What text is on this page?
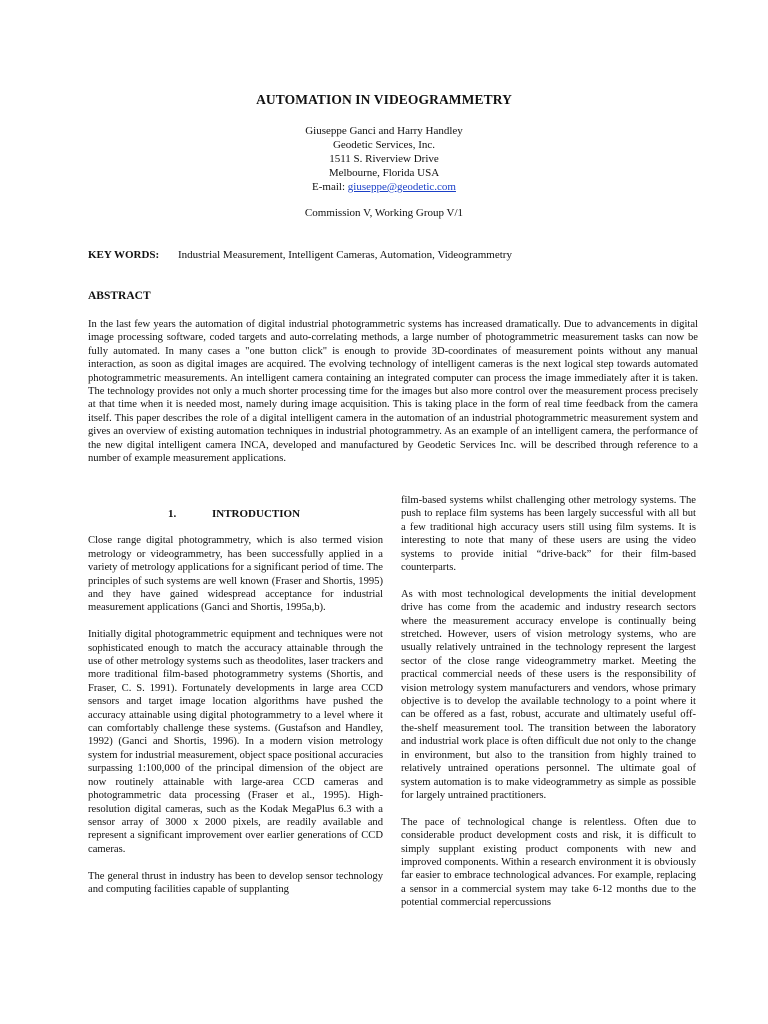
AUTOMATION IN VIDEOGRAMMETRY
Giuseppe Ganci and Harry Handley
Geodetic Services, Inc.
1511 S. Riverview Drive
Melbourne, Florida USA
E-mail: giuseppe@geodetic.com
Commission V, Working Group V/1
KEY WORDS: Industrial Measurement, Intelligent Cameras, Automation, Videogrammetry
ABSTRACT
In the last few years the automation of digital industrial photogrammetric systems has increased dramatically. Due to advancements in digital image processing software, coded targets and auto-correlating methods, a large number of photogrammetric measurement tasks can now be fully automated. In many cases a "one button click" is enough to provide 3D-coordinates of measurement points without any manual interaction, as soon as digital images are acquired. The evolving technology of intelligent cameras is the next logical step towards automated photogrammetric measurements. An intelligent camera containing an integrated computer can process the image immediately after it is taken. The technology provides not only a much shorter processing time for the images but also more control over the measurement process precisely at that time when it is needed most, namely during image acquisition. This is taking place in the form of real time feedback from the camera itself. This paper describes the role of a digital intelligent camera in the automation of an industrial photogrammetric measurement system and gives an overview of existing automation techniques in industrial photogrammetry. As an example of an intelligent camera, the performance of the new digital intelligent camera INCA, developed and manufactured by Geodetic Services Inc. will be described through reference to a number of example measurement applications.
1.	INTRODUCTION

Close range digital photogrammetry, which is also termed vision metrology or videogrammetry, has been successfully applied in a variety of metrology applications for a significant period of time. The principles of such systems are well known (Fraser and Shortis, 1995) and they have gained widespread acceptance for industrial measurement applications (Ganci and Shortis, 1995a,b).

Initially digital photogrammetric equipment and techniques were not sophisticated enough to match the accuracy attainable through the use of other metrology systems such as theodolites, laser trackers and more traditional film-based photogrammetry systems (Shortis, and Fraser, C. S. 1991). Fortunately developments in large area CCD sensors and target image location algorithms have pushed the accuracy attainable using digital photogrammetry to a level where it can comfortably challenge these systems. (Gustafson and Handley, 1992) (Ganci and Shortis, 1996). In a modern vision metrology system for industrial measurement, object space positional accuracies surpassing 1:100,000 of the principal dimension of the object are now routinely attainable with large-area CCD cameras and photogrammetric data processing (Fraser et al., 1995). High-resolution digital cameras, such as the Kodak MegaPlus 6.3 with a sensor array of 3000 x 2000 pixels, are readily available and represent a significant improvement over earlier generations of CCD cameras.

The general thrust in industry has been to develop sensor technology and computing facilities capable of supplanting

film-based systems whilst challenging other metrology systems. The push to replace film systems has been largely successful with all but a few traditional high accuracy users still using film systems. It is interesting to note that many of these users are using the video systems to provide initial “drive-back” for their film-based counterparts.

As with most technological developments the initial development drive has come from the academic and industry research sectors where the measurement accuracy envelope is continually being stretched. However, users of vision metrology systems, who are usually relatively untrained in the technology represent the largest sector of the close range videogrammetry market. Meeting the practical commercial needs of these users is the responsibility of vision metrology system manufacturers and vendors, whose primary objective is to develop the available technology to a point where it can be offered as a fast, robust, accurate and ultimately useful off-the-shelf measurement tool. The transition between the laboratory and industrial work place is often difficult due not only to the change in environment, but also to the transition from highly trained to relatively untrained operations personnel. The ultimate goal of system automation is to make videogrammetry as simple as possible for largely untrained practitioners.

The pace of technological change is relentless. Often due to considerable product development costs and risk, it is difficult to simply supplant existing product components with new and improved components. Within a research environment it is obviously far easier to embrace technological advances. For example, replacing a sensor in a commercial system may take 6-12 months due to the potential commercial repercussions
